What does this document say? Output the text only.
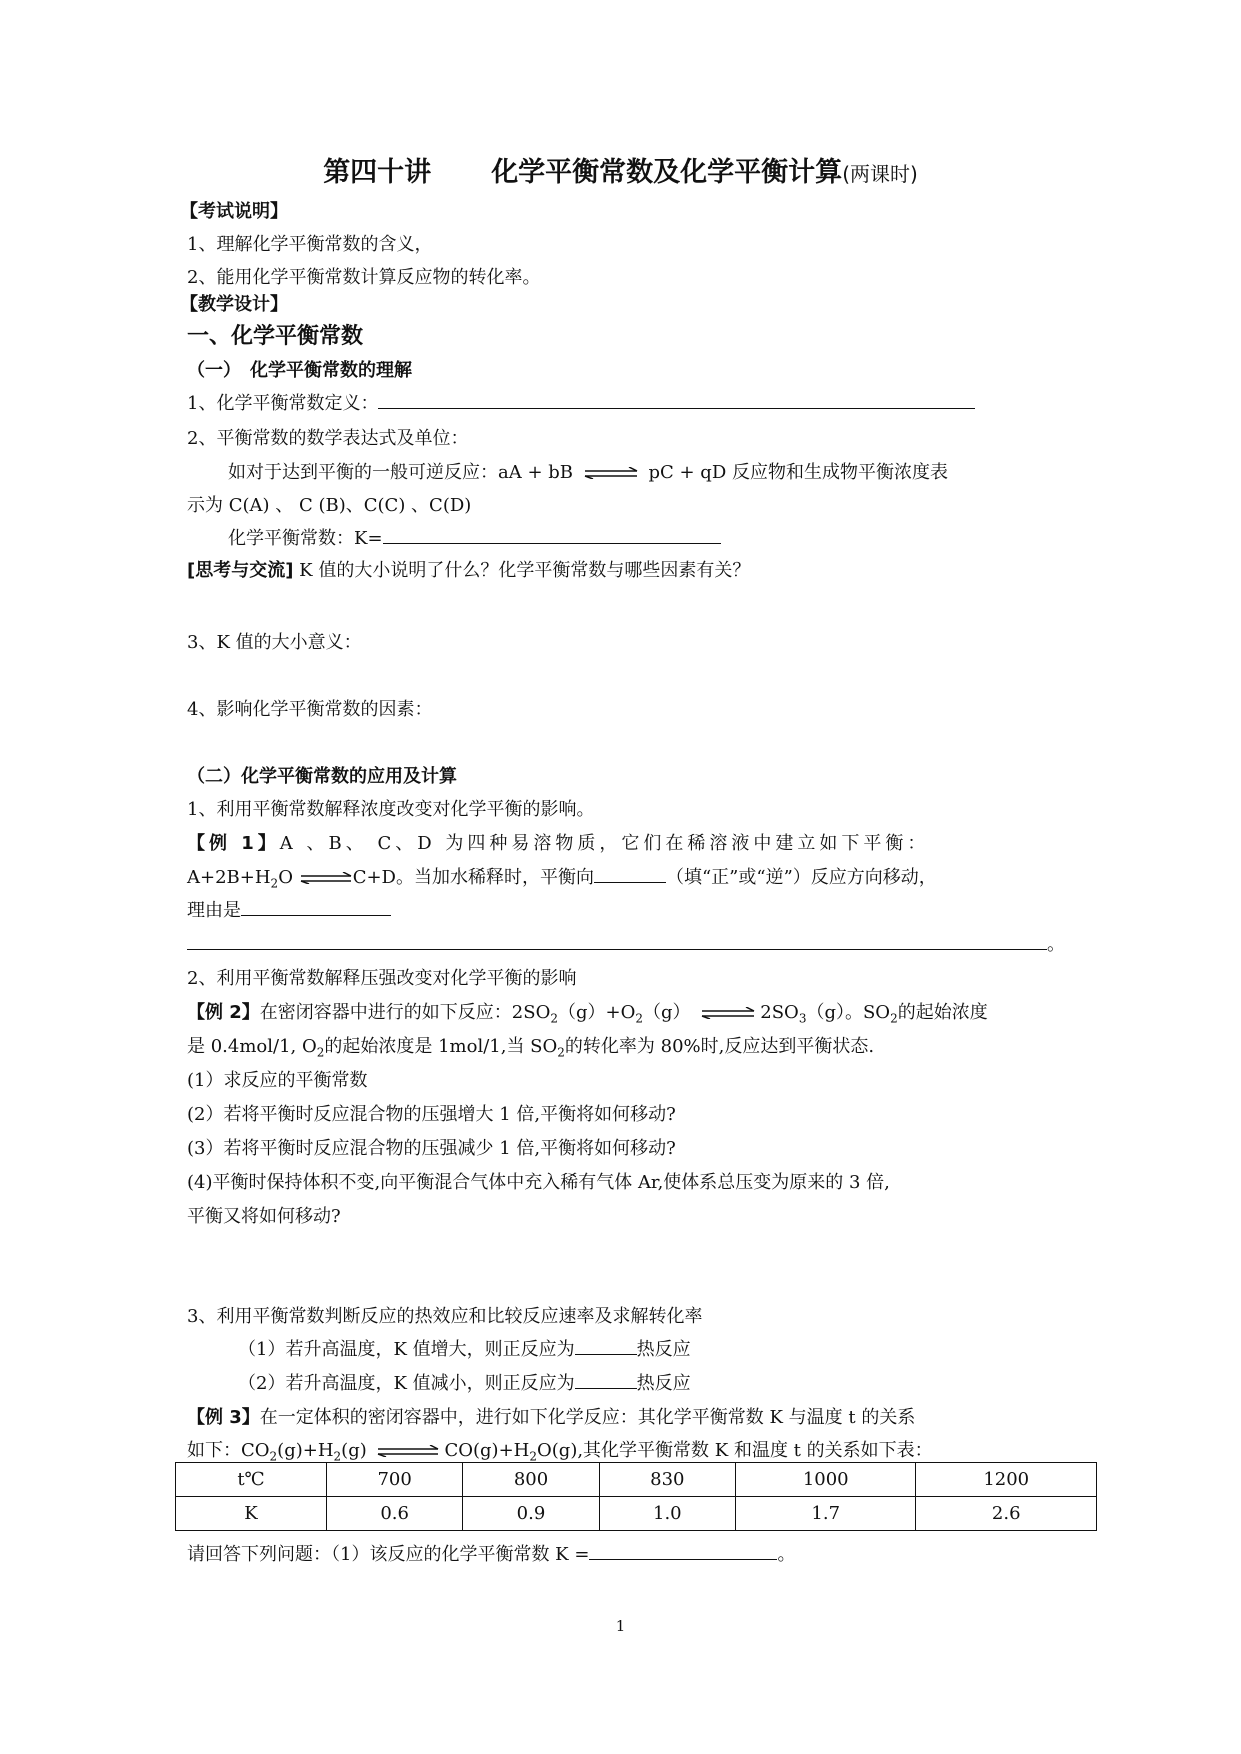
第四十讲 化学平衡常数及化学平衡计算(两课时)
【考试说明】
1、理解化学平衡常数的含义，
2、能用化学平衡常数计算反应物的转化率。
【教学设计】
一、化学平衡常数
（一）　化学平衡常数的理解
1、化学平衡常数定义：
2、平衡常数的数学表达式及单位：
如对于达到平衡的一般可逆反应：aA + bB ⇌ pC + qD 反应物和生成物平衡浓度表
示为 C(A) 、 C (B)、C(C) 、C(D)
化学平衡常数：K=
[思考与交流] K 值的大小说明了什么？化学平衡常数与哪些因素有关？
3、K 值的大小意义：
4、影响化学平衡常数的因素：
（二）化学平衡常数的应用及计算
1、利用平衡常数解释浓度改变对化学平衡的影响。
【例 1】A 、B、 C、D 为四种易溶物质，它们在稀溶液中建立如下平衡：
$A+2B+H_2O$ ⇌C+D。当加水稀释时，平衡向	（填“正”或“逆”）反应方向移动，
理由是
。
2、利用平衡常数解释压强改变对化学平衡的影响
【例 2】在密闭容器中进行的如下反应：$2SO_2(g)+O_2(g)$ ⇌ $2SO_3(g)$。$SO_2$的起始浓度
是 0.4mol/1, $O_2$的起始浓度是 1mol/1,当 $SO_2$的转化率为 80%时,反应达到平衡状态.
(1）求反应的平衡常数
(2）若将平衡时反应混合物的压强增大 1 倍,平衡将如何移动?
(3）若将平衡时反应混合物的压强减少 1 倍,平衡将如何移动?
(4)平衡时保持体积不变,向平衡混合气体中充入稀有气体 Ar,使体系总压变为原来的 3 倍,
平衡又将如何移动?
3、利用平衡常数判断反应的热效应和比较反应速率及求解转化率
（1）若升高温度，K 值增大，则正反应为	热反应
（2）若升高温度，K 值减小，则正反应为	热反应
【例 3】在一定体积的密闭容器中，进行如下化学反应：其化学平衡常数 K 与温度 t 的关系
如下：$CO_2(g)+H_2(g)$ ⇌ $CO(g)+H_2O(g)$,其化学平衡常数 K 和温度 t 的关系如下表：
t℃	700	800	830	1000	1200
K	0.6	0.9	1.0	1.7	2.6
请回答下列问题：（1）该反应的化学平衡常数 K =	。
1
